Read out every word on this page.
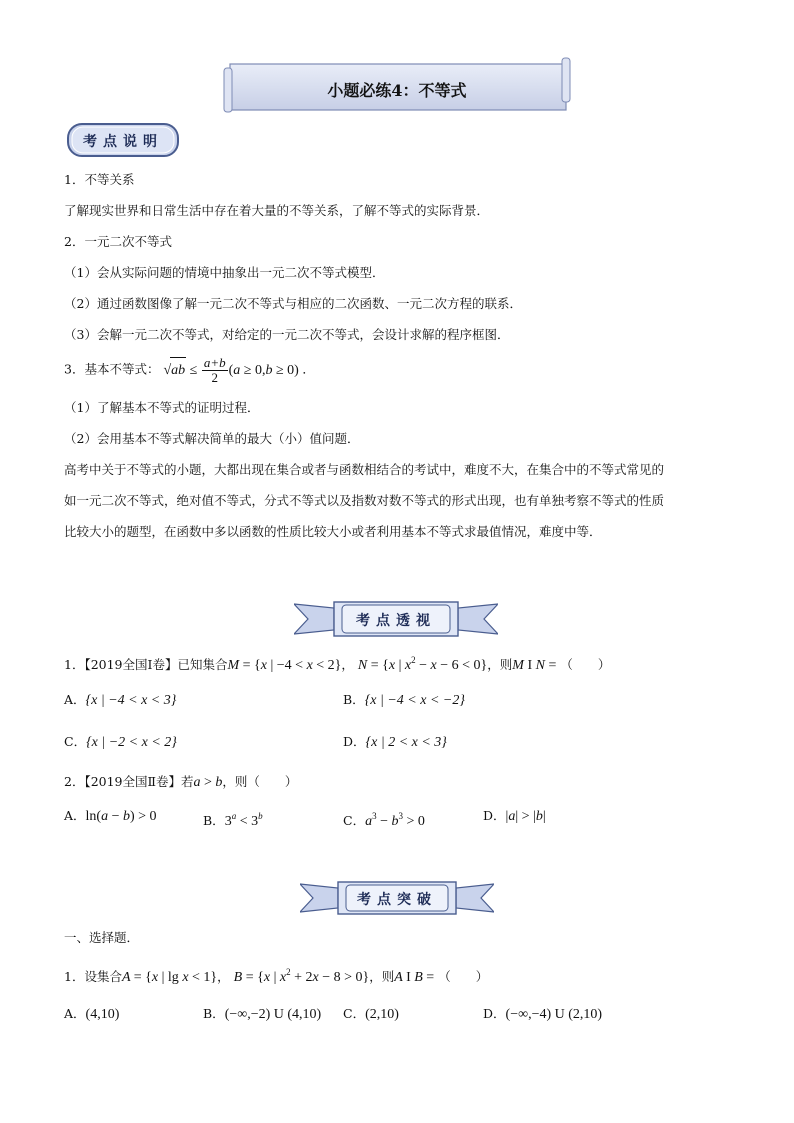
小题必练4：不等式
考点说明
1．不等关系
了解现实世界和日常生活中存在着大量的不等关系，了解不等式的实际背景．
2．一元二次不等式
（1）会从实际问题的情境中抽象出一元二次不等式模型．
（2）通过函数图像了解一元二次不等式与相应的二次函数、一元二次方程的联系．
（3）会解一元二次不等式，对给定的一元二次不等式，会设计求解的程序框图．
3．基本不等式： $√ab \le \frac{a+b}{2} (a \ge 0,b \ge 0)$ ．
（1）了解基本不等式的证明过程．
（2）会用基本不等式解决简单的最大（小）值问题．
高考中关于不等式的小题，大都出现在集合或者与函数相结合的考试中，难度不大，在集合中的不等式常见的
如一元二次不等式，绝对值不等式，分式不等式以及指数对数不等式的形式出现，也有单独考察不等式的性质
比较大小的题型，在函数中多以函数的性质比较大小或者利用基本不等式求最值情况，难度中等．
考点透视
1．【2019全国Ⅰ卷】已知集合M = {x | −4 < x < 2}， N = {x | $x^2 - x - 6 < 0$}，则M I N = （　　）
A．{x | −4 < x < 3}	B．{x | −4 < x < −2}
C．{x | −2 < x < 2}	D．{x | 2 < x < 3}
2．【2019全国Ⅱ卷】若a > b，则（　　）
A．ln(a − b) > 0	B．$3^a < 3^b$	C．$a^3 - b^3 > 0$	D．|a| > |b|
考点突破
一、选择题．
1．设集合A = {x | lg x < 1}， B = {x | $x^2 + 2x - 8 > 0$}，则A I B = （　　）
A．(4,10)	B．(−∞,−2) U (4,10) C．(2,10)	D．(−∞,−4) U (2,10)
